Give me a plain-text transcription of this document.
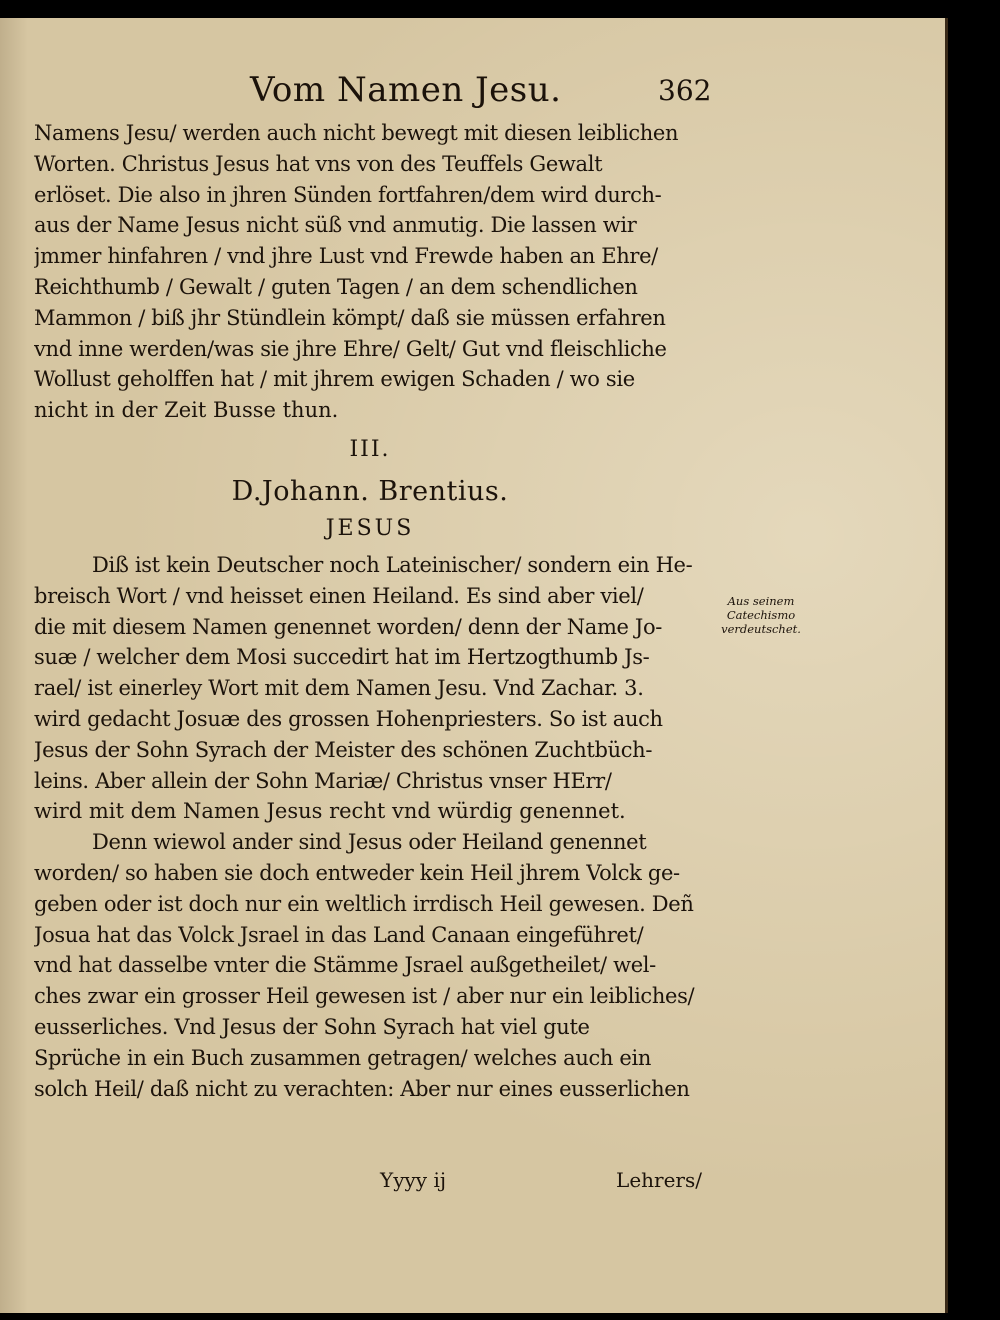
Vom Namen Jesu.	362
Namens Jesu/ werden auch nicht bewegt mit diesen leiblichen
Worten. Christus Jesus hat vns von des Teuffels Gewalt
erlöset. Die also in jhren Sünden fortfahren/dem wird durch-
aus der Name Jesus nicht süß vnd anmutig. Die lassen wir
jmmer hinfahren / vnd jhre Lust vnd Frewde haben an Ehre/
Reichthumb / Gewalt / guten Tagen / an dem schendlichen
Mammon / biß jhr Stündlein kömpt/ daß sie müssen erfahren
vnd inne werden/was sie jhre Ehre/ Gelt/ Gut vnd fleischliche
Wollust geholffen hat / mit jhrem ewigen Schaden / wo sie
nicht in der Zeit Busse thun.
III.
D.Johann. Brentius.
JESUS
Diß ist kein Deutscher noch Lateinischer/ sondern ein He-
breisch Wort / vnd heisset einen Heiland. Es sind aber viel/
die mit diesem Namen genennet worden/ denn der Name Jo-
suæ / welcher dem Mosi succedirt hat im Hertzogthumb Js-
rael/ ist einerley Wort mit dem Namen Jesu. Vnd Zachar. 3.
wird gedacht Josuæ des grossen Hohenpriesters. So ist auch
Jesus der Sohn Syrach der Meister des schönen Zuchtbüch-
leins. Aber allein der Sohn Mariæ/ Christus vnser HErr/
wird mit dem Namen Jesus recht vnd würdig genennet.
Denn wiewol ander sind Jesus oder Heiland genennet
worden/ so haben sie doch entweder kein Heil jhrem Volck ge-
geben oder ist doch nur ein weltlich irrdisch Heil gewesen. Deñ
Josua hat das Volck Jsrael in das Land Canaan eingeführet/
vnd hat dasselbe vnter die Stämme Jsrael außgetheilet/ wel-
ches zwar ein grosser Heil gewesen ist / aber nur ein leibliches/
eusserliches. Vnd Jesus der Sohn Syrach hat viel gute
Sprüche in ein Buch zusammen getragen/ welches auch ein
solch Heil/ daß nicht zu verachten: Aber nur eines eusserlichen
Aus seinem
Catechismo
verdeutschet.
Yyyy ij	Lehrers/
